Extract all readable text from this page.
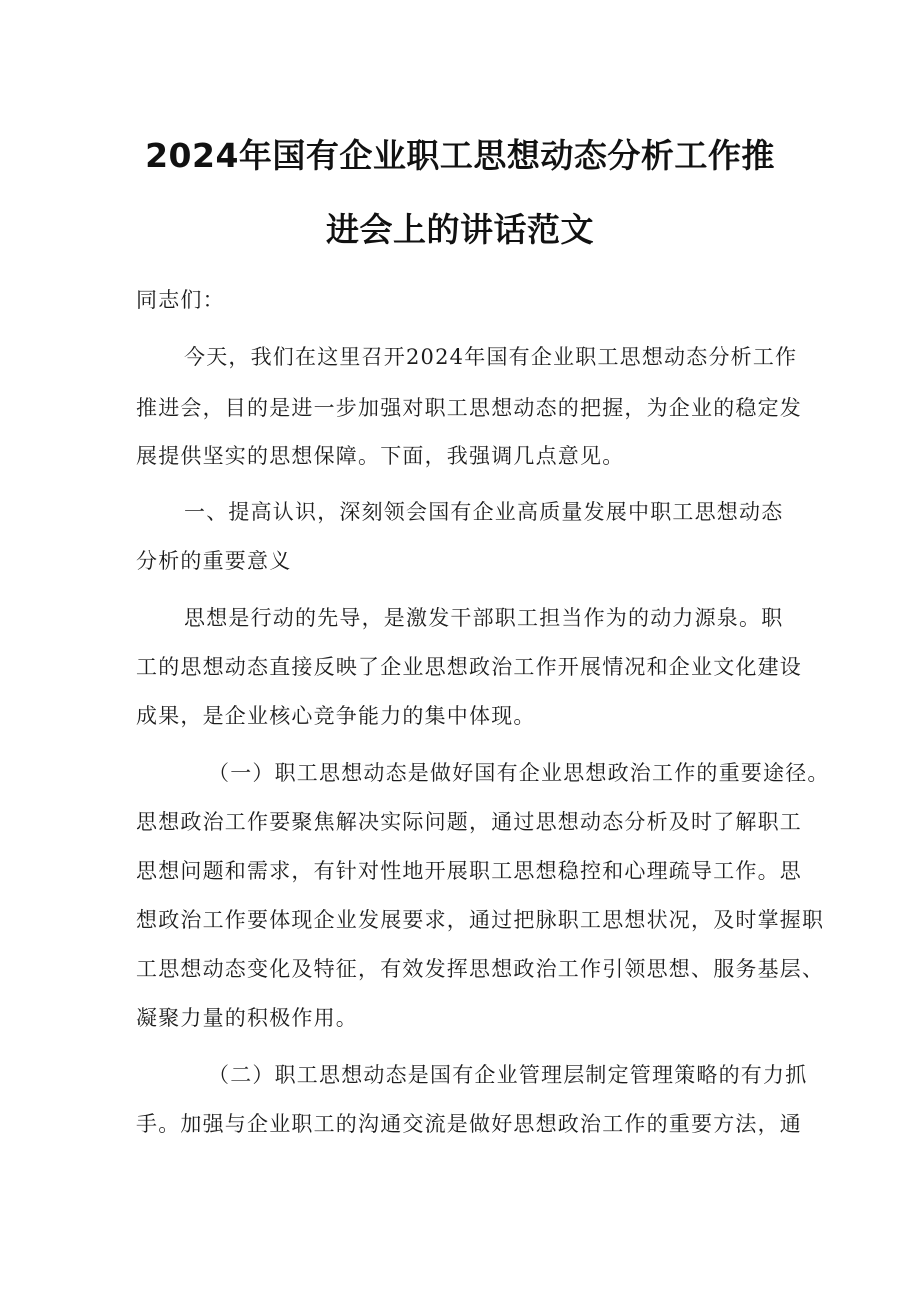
2024年国有企业职工思想动态分析工作推
进会上的讲话范文

同志们：

今天，我们在这里召开2024年国有企业职工思想动态分析工作

推进会，目的是进一步加强对职工思想动态的把握，为企业的稳定发

展提供坚实的思想保障。下面，我强调几点意见。

一、提高认识，深刻领会国有企业高质量发展中职工思想动态

分析的重要意义

思想是行动的先导，是激发干部职工担当作为的动力源泉。职

工的思想动态直接反映了企业思想政治工作开展情况和企业文化建设

成果，是企业核心竞争能力的集中体现。

（一）职工思想动态是做好国有企业思想政治工作的重要途径。

思想政治工作要聚焦解决实际问题，通过思想动态分析及时了解职工

思想问题和需求，有针对性地开展职工思想稳控和心理疏导工作。思

想政治工作要体现企业发展要求，通过把脉职工思想状况，及时掌握职

工思想动态变化及特征，有效发挥思想政治工作引领思想、服务基层、

凝聚力量的积极作用。

（二）职工思想动态是国有企业管理层制定管理策略的有力抓

手。加强与企业职工的沟通交流是做好思想政治工作的重要方法，通
